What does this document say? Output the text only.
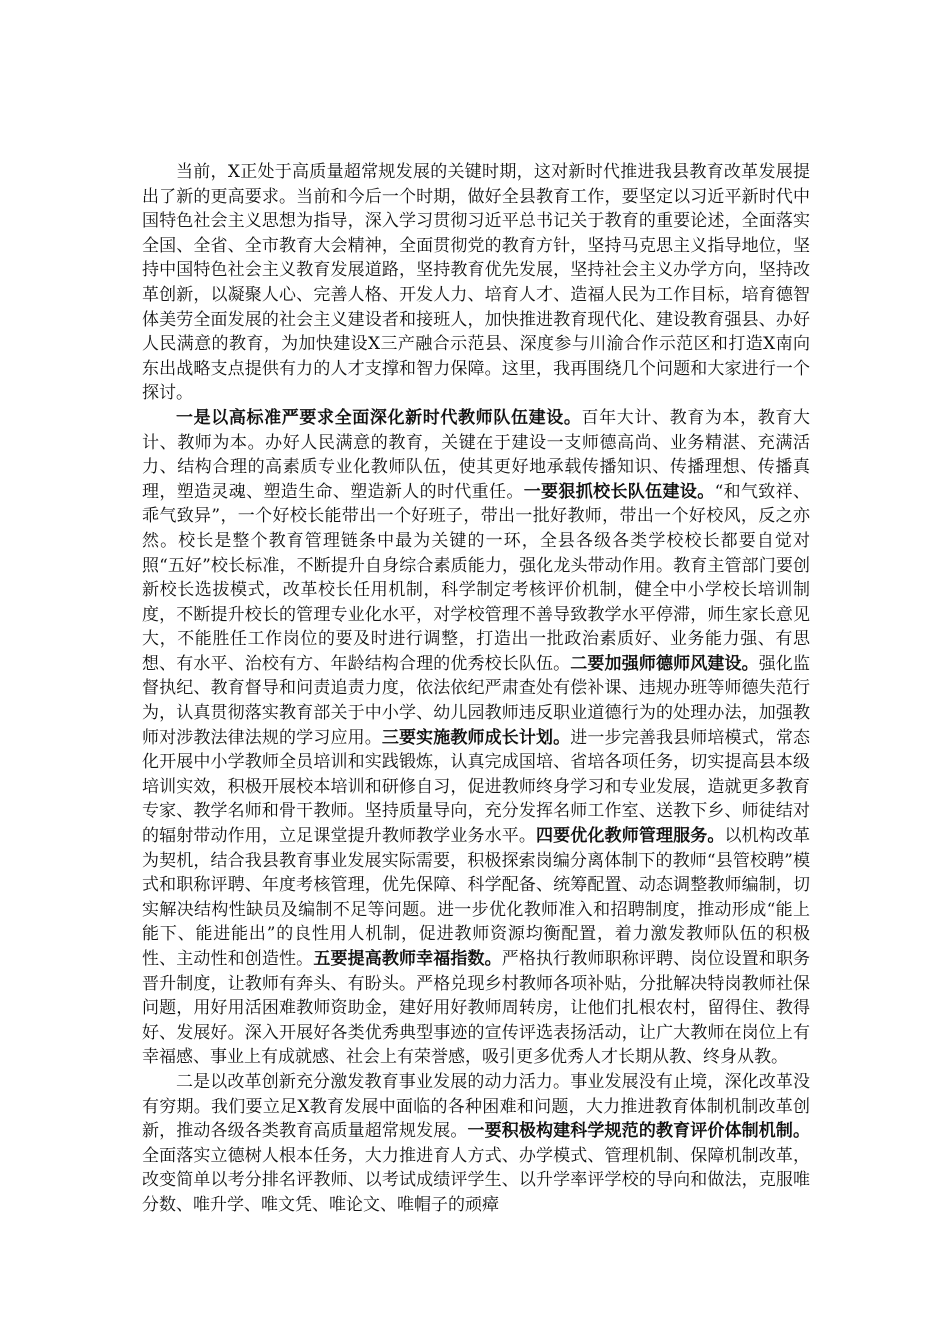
当前，X正处于高质量超常规发展的关键时期，这对新时代推进我县教育改革发展提出了新的更高要求。当前和今后一个时期，做好全县教育工作，要坚定以习近平新时代中国特色社会主义思想为指导，深入学习贯彻习近平总书记关于教育的重要论述，全面落实全国、全省、全市教育大会精神，全面贯彻党的教育方针，坚持马克思主义指导地位，坚持中国特色社会主义教育发展道路，坚持教育优先发展，坚持社会主义办学方向，坚持改革创新，以凝聚人心、完善人格、开发人力、培育人才、造福人民为工作目标，培育德智体美劳全面发展的社会主义建设者和接班人，加快推进教育现代化、建设教育强县、办好人民满意的教育，为加快建设X三产融合示范县、深度参与川渝合作示范区和打造X南向东出战略支点提供有力的人才支撑和智力保障。这里，我再围绕几个问题和大家进行一个探讨。

一是以高标准严要求全面深化新时代教师队伍建设。百年大计、教育为本，教育大计、教师为本。办好人民满意的教育，关键在于建设一支师德高尚、业务精湛、充满活力、结构合理的高素质专业化教师队伍，使其更好地承载传播知识、传播理想、传播真理，塑造灵魂、塑造生命、塑造新人的时代重任。一要狠抓校长队伍建设。“和气致祥、乖气致异”，一个好校长能带出一个好班子，带出一批好教师，带出一个好校风，反之亦然。校长是整个教育管理链条中最为关键的一环，全县各级各类学校校长都要自觉对照“五好”校长标准，不断提升自身综合素质能力，强化龙头带动作用。教育主管部门要创新校长选拔模式，改革校长任用机制，科学制定考核评价机制，健全中小学校长培训制度，不断提升校长的管理专业化水平，对学校管理不善导致教学水平停滞，师生家长意见大，不能胜任工作岗位的要及时进行调整，打造出一批政治素质好、业务能力强、有思想、有水平、治校有方、年龄结构合理的优秀校长队伍。二要加强师德师风建设。强化监督执纪、教育督导和问责追责力度，依法依纪严肃查处有偿补课、违规办班等师德失范行为，认真贯彻落实教育部关于中小学、幼儿园教师违反职业道德行为的处理办法，加强教师对涉教法律法规的学习应用。三要实施教师成长计划。进一步完善我县师培模式，常态化开展中小学教师全员培训和实践锻炼，认真完成国培、省培各项任务，切实提高县本级培训实效，积极开展校本培训和研修自习，促进教师终身学习和专业发展，造就更多教育专家、教学名师和骨干教师。坚持质量导向，充分发挥名师工作室、送教下乡、师徒结对的辐射带动作用，立足课堂提升教师教学业务水平。四要优化教师管理服务。以机构改革为契机，结合我县教育事业发展实际需要，积极探索岗编分离体制下的教师“县管校聘”模式和职称评聘、年度考核管理，优先保障、科学配备、统筹配置、动态调整教师编制，切实解决结构性缺员及编制不足等问题。进一步优化教师准入和招聘制度，推动形成“能上能下、能进能出”的良性用人机制，促进教师资源均衡配置，着力激发教师队伍的积极性、主动性和创造性。五要提高教师幸福指数。严格执行教师职称评聘、岗位设置和职务晋升制度，让教师有奔头、有盼头。严格兑现乡村教师各项补贴，分批解决特岗教师社保问题，用好用活困难教师资助金，建好用好教师周转房，让他们扎根农村，留得住、教得好、发展好。深入开展好各类优秀典型事迹的宣传评选表扬活动，让广大教师在岗位上有幸福感、事业上有成就感、社会上有荣誉感，吸引更多优秀人才长期从教、终身从教。

二是以改革创新充分激发教育事业发展的动力活力。事业发展没有止境，深化改革没有穷期。我们要立足X教育发展中面临的各种困难和问题，大力推进教育体制机制改革创新，推动各级各类教育高质量超常规发展。一要积极构建科学规范的教育评价体制机制。全面落实立德树人根本任务，大力推进育人方式、办学模式、管理机制、保障机制改革，改变简单以考分排名评教师、以考试成绩评学生、以升学率评学校的导向和做法，克服唯分数、唯升学、唯文凭、唯论文、唯帽子的顽瘴
